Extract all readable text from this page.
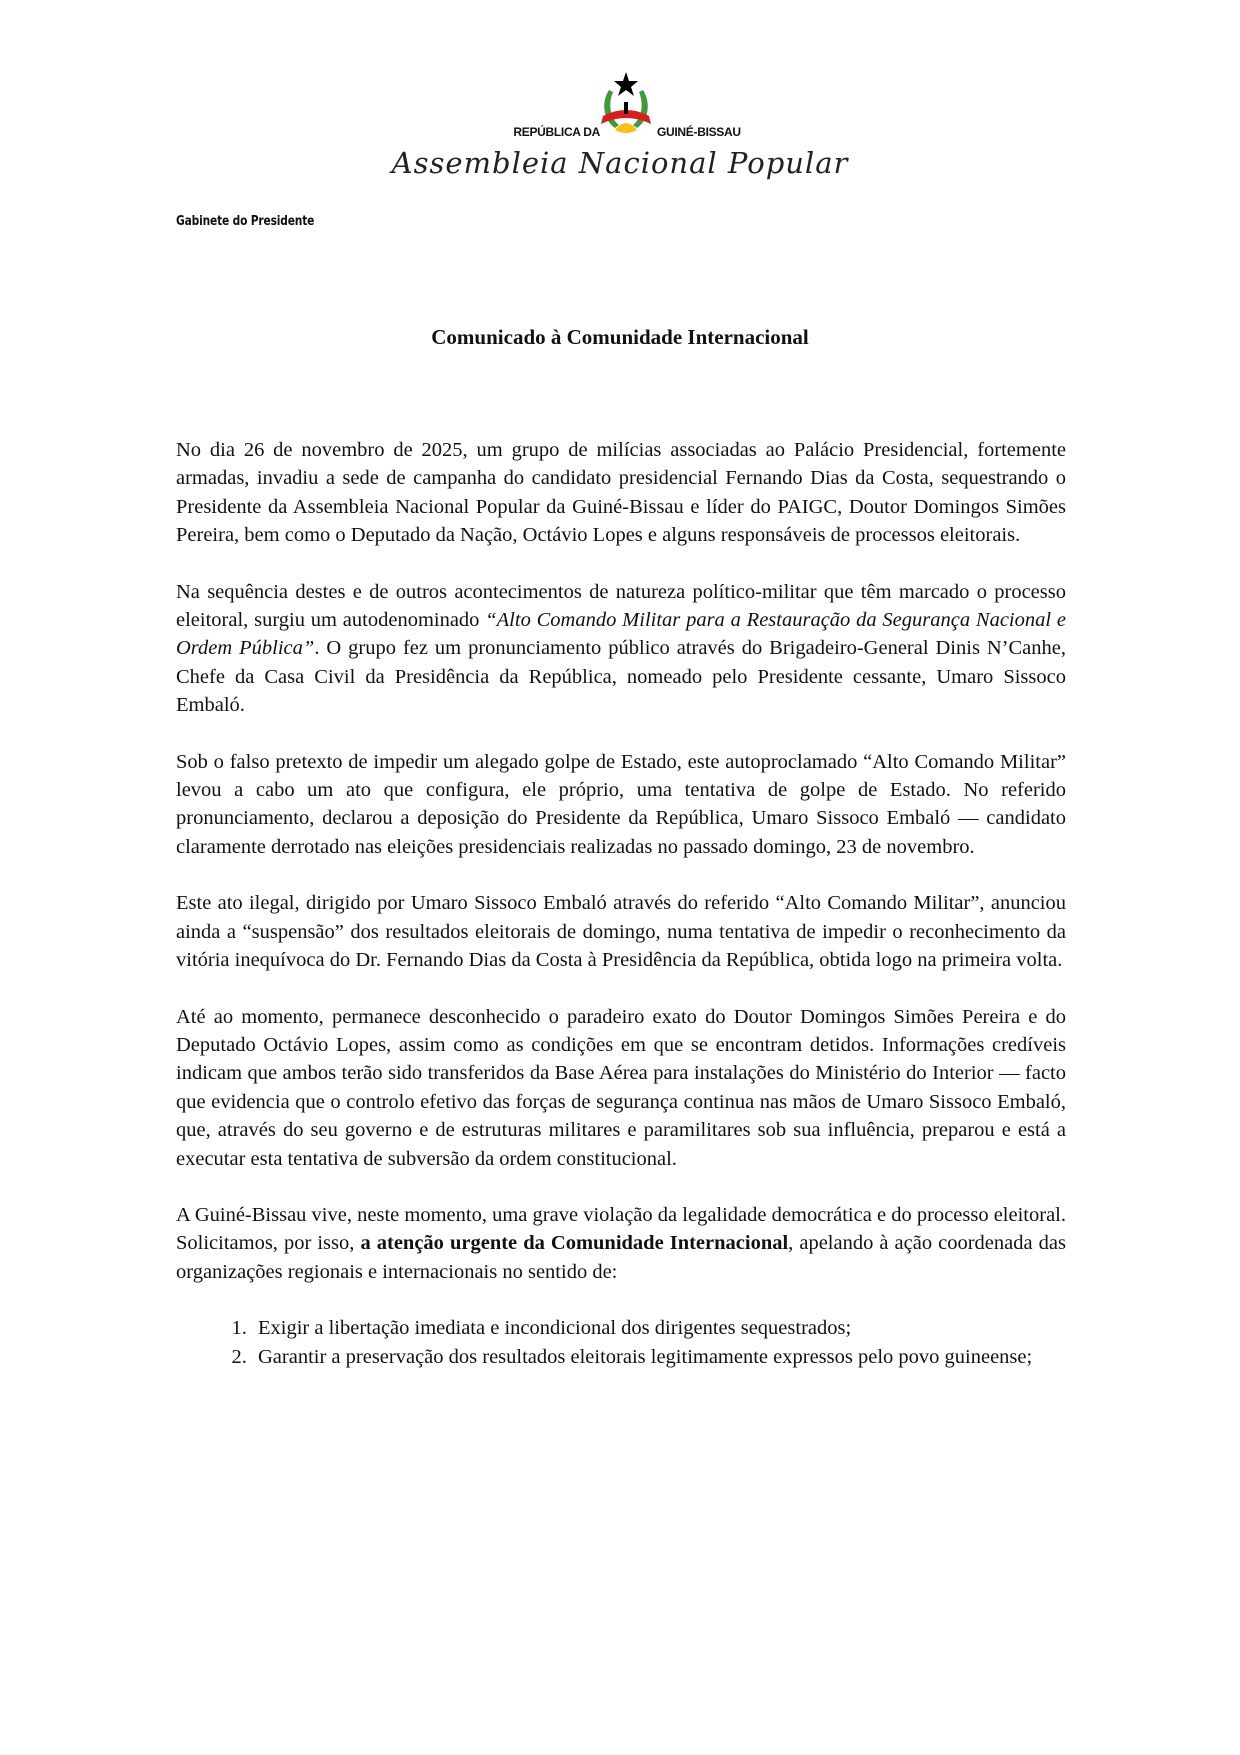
REPÚBLICA DA	GUINÉ-BISSAU
Assembleia Nacional Popular
Gabinete do Presidente
Comunicado à Comunidade Internacional

No dia 26 de novembro de 2025, um grupo de milícias associadas ao Palácio Presidencial, fortemente armadas, invadiu a sede de campanha do candidato presidencial Fernando Dias da Costa, sequestrando o Presidente da Assembleia Nacional Popular da Guiné-Bissau e líder do PAIGC, Doutor Domingos Simões Pereira, bem como o Deputado da Nação, Octávio Lopes e alguns responsáveis de processos eleitorais.

Na sequência destes e de outros acontecimentos de natureza político-militar que têm marcado o processo eleitoral, surgiu um autodenominado “Alto Comando Militar para a Restauração da Segurança Nacional e Ordem Pública”. O grupo fez um pronunciamento público através do Brigadeiro-General Dinis N’Canhe, Chefe da Casa Civil da Presidência da República, nomeado pelo Presidente cessante, Umaro Sissoco Embaló.

Sob o falso pretexto de impedir um alegado golpe de Estado, este autoproclamado “Alto Comando Militar” levou a cabo um ato que configura, ele próprio, uma tentativa de golpe de Estado. No referido pronunciamento, declarou a deposição do Presidente da República, Umaro Sissoco Embaló — candidato claramente derrotado nas eleições presidenciais realizadas no passado domingo, 23 de novembro.

Este ato ilegal, dirigido por Umaro Sissoco Embaló através do referido “Alto Comando Militar”, anunciou ainda a “suspensão” dos resultados eleitorais de domingo, numa tentativa de impedir o reconhecimento da vitória inequívoca do Dr. Fernando Dias da Costa à Presidência da República, obtida logo na primeira volta.

Até ao momento, permanece desconhecido o paradeiro exato do Doutor Domingos Simões Pereira e do Deputado Octávio Lopes, assim como as condições em que se encontram detidos. Informações credíveis indicam que ambos terão sido transferidos da Base Aérea para instalações do Ministério do Interior — facto que evidencia que o controlo efetivo das forças de segurança continua nas mãos de Umaro Sissoco Embaló, que, através do seu governo e de estruturas militares e paramilitares sob sua influência, preparou e está a executar esta tentativa de subversão da ordem constitucional.

A Guiné-Bissau vive, neste momento, uma grave violação da legalidade democrática e do processo eleitoral. Solicitamos, por isso, a atenção urgente da Comunidade Internacional, apelando à ação coordenada das organizações regionais e internacionais no sentido de:

1. Exigir a libertação imediata e incondicional dos dirigentes sequestrados;
2. Garantir a preservação dos resultados eleitorais legitimamente expressos pelo povo guineense;
